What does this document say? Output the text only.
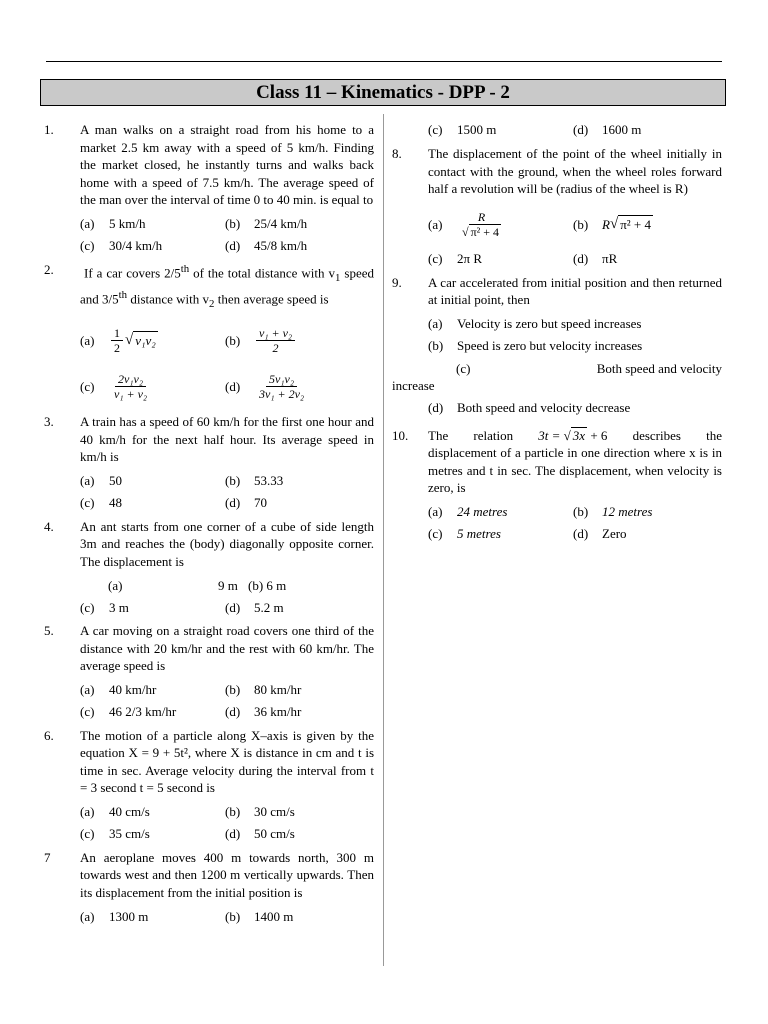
Class 11 – Kinematics - DPP - 2
1. A man walks on a straight road from his home to a market 2.5 km away with a speed of 5 km/h. Finding the market closed, he instantly turns and walks back home with a speed of 7.5 km/h. The average speed of the man over the interval of time 0 to 40 min. is equal to
(a)	5 km/h	(b)	25/4 km/h
(c)	30/4 km/h	(d)	45/8 km/h
2.	If a car covers 2/5th of the total distance with $v_1$ speed and 3/5th distance with $v_2$ then average speed is
(a)	$\frac{1}{2}$ √ v₁v₂	(b)	$\frac{\text{v₁ + v₂}}{2}$
(c)	$\frac{\text{2v₁v₂}}{\text{v₁ + v₂}}$	(d)	$\frac{\text{5v₁v₂}}{\text{3v₁ + 2v₂}}$
3. A train has a speed of 60 km/h for the first one hour and 40 km/h for the next half hour. Its average speed in km/h is
(a)	50	(b)	53.33
(c)	48	(d)	70
4. An ant starts from one corner of a cube of side length 3m and reaches the (body) diagonally opposite corner. The displacement is
(a)	9 m (b) 6 m
(c)	3 m	(d)	5.2 m
5. A car moving on a straight road covers one third of the distance with 20 km/hr and the rest with 60 km/hr. The average speed is
(a)	40 km/hr	(b)	80 km/hr
(c)	46 2/3 km/hr	(d)	36 km/hr
6. The motion of a particle along X–axis is given by the equation X = 9 + 5t², where X is distance in cm and t is time in sec. Average velocity during the interval from t = 3 second t = 5 second is
(a)	40 cm/s	(b)	30 cm/s
(c)	35 cm/s	(d)	50 cm/s
7 An aeroplane moves 400 m towards north, 300 m towards west and then 1200 m vertically upwards. Then its displacement from the initial position is
(a)	1300 m	(b)	1400 m
(c)	1500 m	(d)	1600 m
8. The displacement of the point of the wheel initially in contact with the ground, when the wheel roles forward half a revolution will be (radius of the wheel is R)
(a)	$\frac{R}{\text{√ π² + 4}}$	(b)	R √ π² + 4
(c)	2π R	(d)	πR
9. A car accelerated from initial position and then returned at initial point, then
(a)	Velocity is zero but speed increases
(b)	Speed is zero but velocity increases
(c)	Both speed and velocity
increase
(d)	Both speed and velocity decrease
10. The relation 3t = √ 3x + 6 describes the
displacement of a particle in one direction where x is in metres and t in sec. The displacement, when velocity is zero, is
(a)	24 metres	(b)	12 metres
(c)	5 metres	(d)	Zero
